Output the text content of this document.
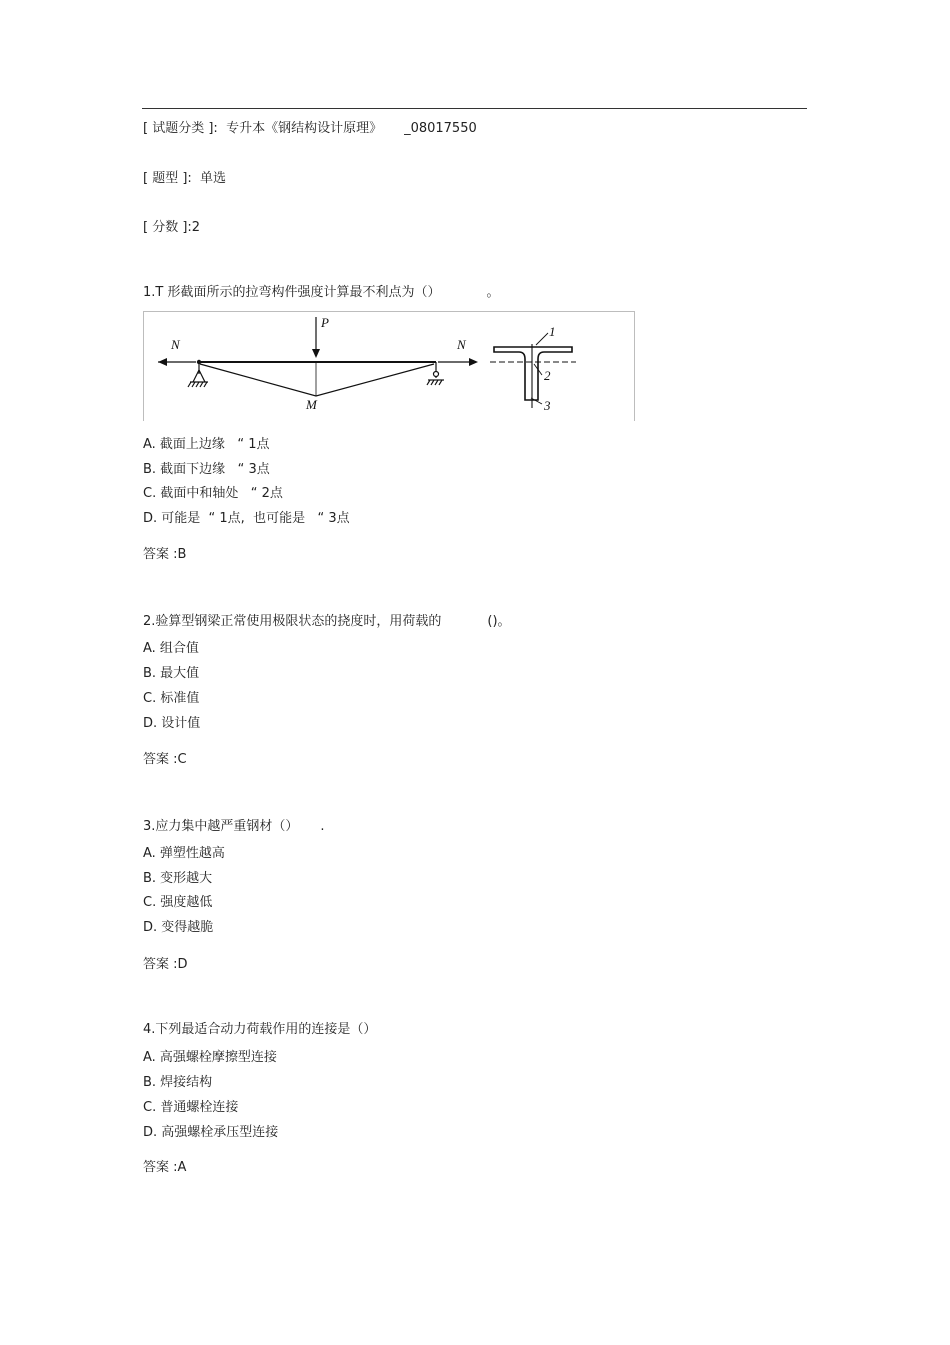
[ 试题分类 ]: 专升本《钢结构设计原理》 _08017550
[ 题型 ]:  单选
[ 分数 ]:2
1.T 形截面所示的拉弯构件强度计算最不利点为（）	。
N	N
P
M
1
2
3
A. 截面上边缘   “ 1点
B. 截面下边缘   “ 3点
C. 截面中和轴处   “ 2点
D. 可能是  “ 1点,  也可能是   “ 3点
答案 :B
2.验算型钢梁正常使用极限状态的挠度时，用荷载的	()。
A. 组合值
B. 最大值
C. 标准值
D. 设计值
答案 :C
3.应力集中越严重钢材（） .
A. 弹塑性越高
B. 变形越大
C. 强度越低
D. 变得越脆
答案 :D
4.下列最适合动力荷载作用的连接是（）
A. 高强螺栓摩擦型连接
B. 焊接结构
C. 普通螺栓连接
D. 高强螺栓承压型连接
答案 :A
